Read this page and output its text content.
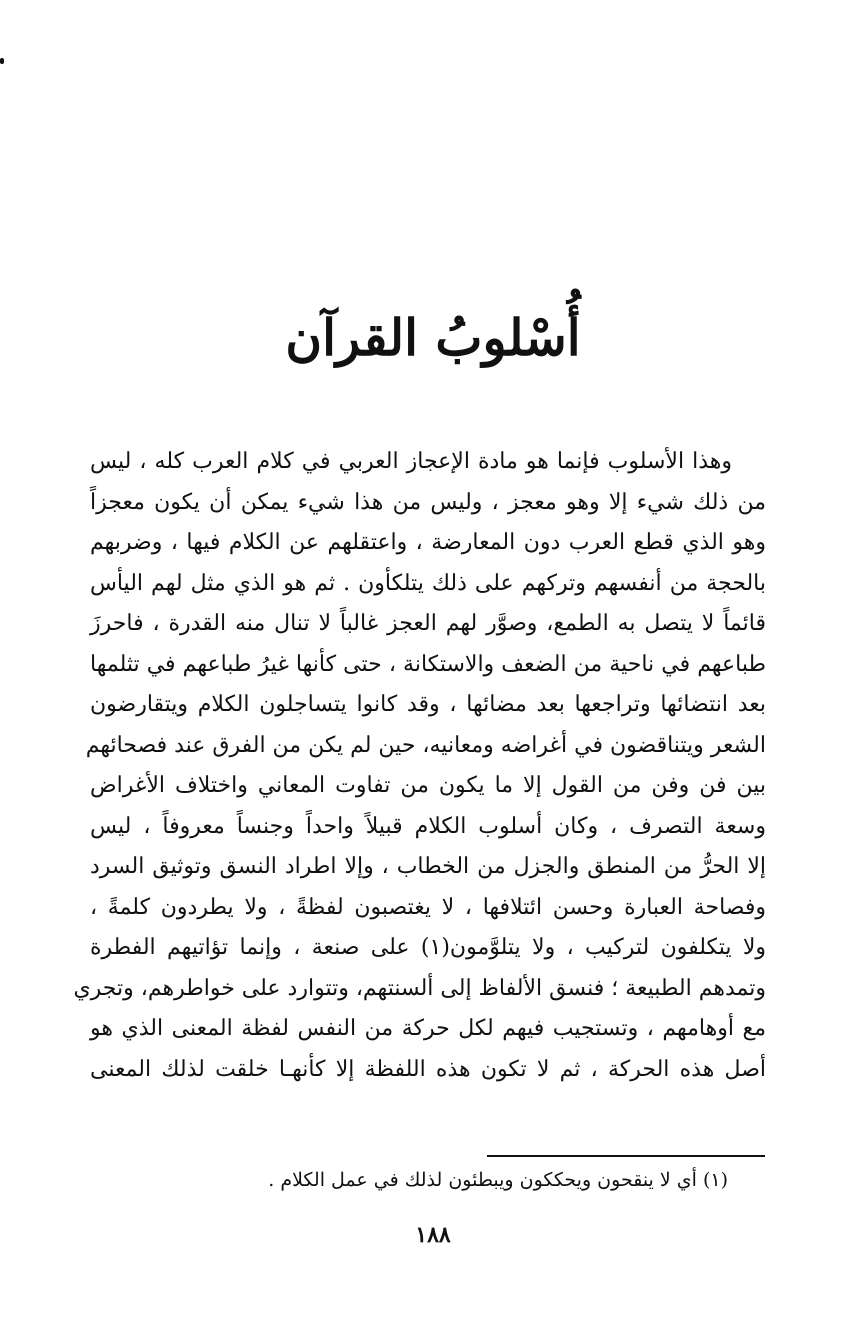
أُسْلوبُ القرآن
وهذا الأسلوب فإنما هو مادة الإعجاز العربي في كلام العرب كله ، ليس
من ذلك شيء إلا وهو معجز ، وليس من هذا شيء يمكن أن يكون معجزاً
وهو الذي قطع العرب دون المعارضة ، واعتقلهم عن الكلام فيها ، وضربهم
بالحجة من أنفسهم وتركهم على ذلك يتلكأون . ثم هو الذي مثل لهم اليأس
قائماً لا يتصل به الطمع، وصوَّر لهم العجز غالباً لا تنال منه القدرة ، فاحرزَ
طباعهم في ناحية من الضعف والاستكانة ، حتى كأنها غيرُ طباعهم في تثلمها
بعد انتضائها وتراجعها بعد مضائها ، وقد كانوا يتساجلون الكلام ويتقارضون
الشعر ويتناقضون في أغراضه ومعانيه، حين لم يكن من الفرق عند فصحائهم
بين فن وفن من القول إلا ما يكون من تفاوت المعاني واختلاف الأغراض
وسعة التصرف ، وكان أسلوب الكلام قبيلاً واحداً وجنساً معروفاً ، ليس
إلا الحرُّ من المنطق والجزل من الخطاب ، وإلا اطراد النسق وتوثيق السرد
وفصاحة العبارة وحسن ائتلافها ، لا يغتصبون لفظةً ، ولا يطردون كلمةً ،
ولا يتكلفون لتركيب ، ولا يتلوَّمون(١) على صنعة ، وإنما تؤاتيهم الفطرة
وتمدهم الطبيعة ؛ فنسق الألفاظ إلى ألسنتهم، وتتوارد على خواطرهم، وتجري
مع أوهامهم ، وتستجيب فيهم لكل حركة من النفس لفظة المعنى الذي هو
أصل هذه الحركة ، ثم لا تكون هذه اللفظة إلا كأنهـا خلقت لذلك المعنى
(١) أي لا ينقحون ويحككون ويبطئون لذلك في عمل الكلام .
١٨٨
